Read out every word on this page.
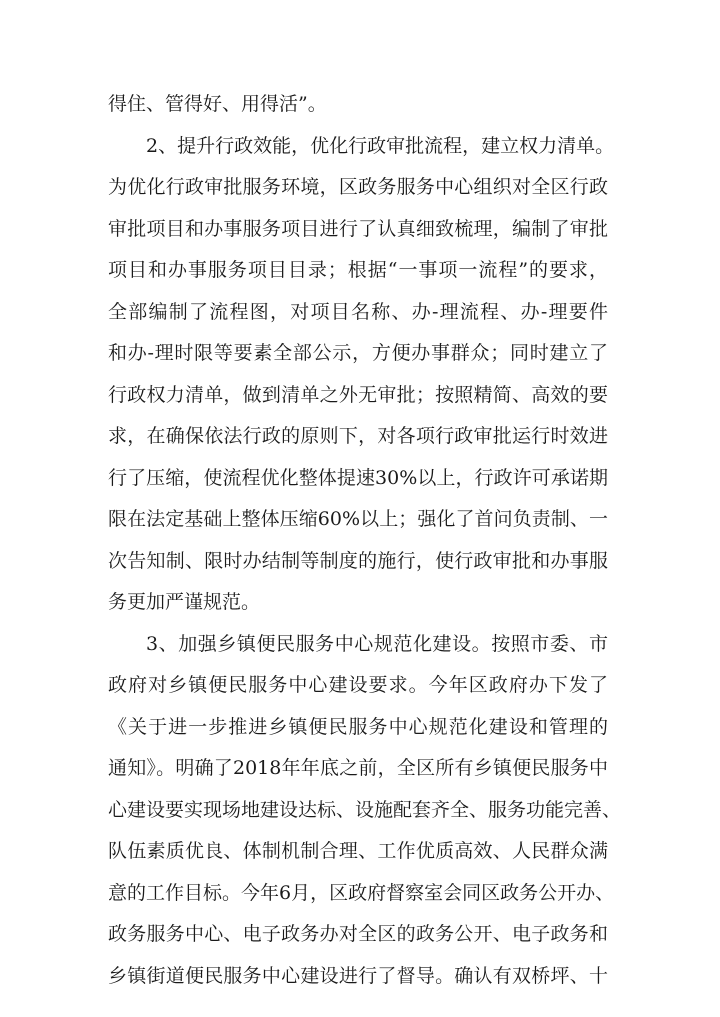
得住、管得好、用得活”。
2、提升行政效能，优化行政审批流程，建立权力清单。
为优化行政审批服务环境，区政务服务中心组织对全区行政
审批项目和办事服务项目进行了认真细致梳理，编制了审批
项目和办事服务项目目录；根据“一事项一流程”的要求，
全部编制了流程图，对项目名称、办-理流程、办-理要件
和办-理时限等要素全部公示，方便办事群众；同时建立了
行政权力清单，做到清单之外无审批；按照精简、高效的要
求，在确保依法行政的原则下，对各项行政审批运行时效进
行了压缩，使流程优化整体提速30%以上，行政许可承诺期
限在法定基础上整体压缩60%以上；强化了首问负责制、一
次告知制、限时办结制等制度的施行，使行政审批和办事服
务更加严谨规范。
3、加强乡镇便民服务中心规范化建设。按照市委、市
政府对乡镇便民服务中心建设要求。今年区政府办下发了
《关于进一步推进乡镇便民服务中心规范化建设和管理的
通知》。明确了2018年年底之前，全区所有乡镇便民服务中
心建设要实现场地建设达标、设施配套齐全、服务功能完善、
队伍素质优良、体制机制合理、工作优质高效、人民群众满
意的工作目标。今年6月，区政府督察室会同区政务公开办、
政务服务中心、电子政务办对全区的政务公开、电子政务和
乡镇街道便民服务中心建设进行了督导。确认有双桥坪、十
